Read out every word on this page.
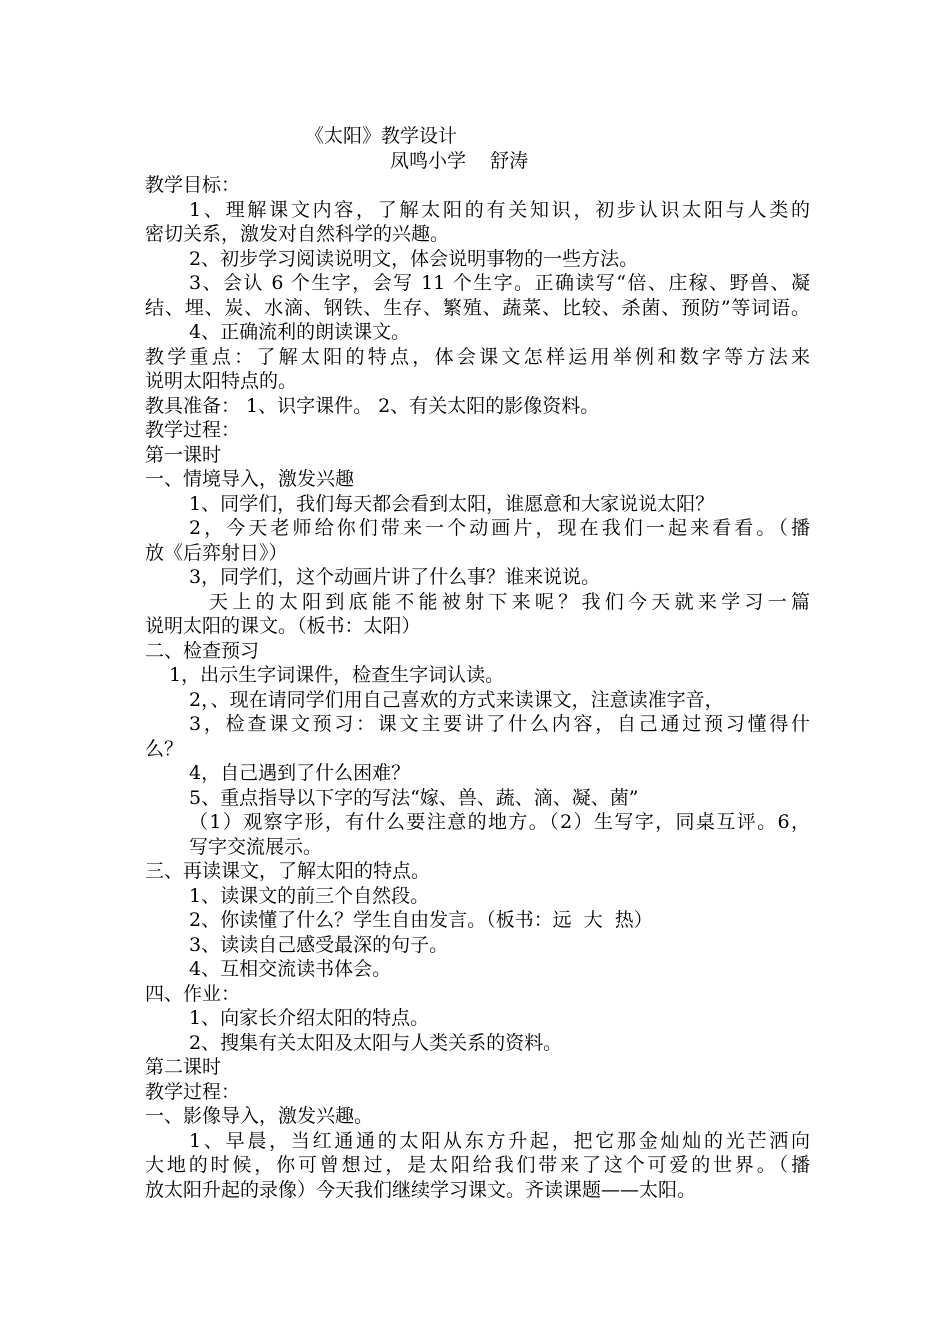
《太阳》教学设计
凤鸣小学    舒涛
教学目标：
1、理解课文内容，了解太阳的有关知识，初步认识太阳与人类的
密切关系，激发对自然科学的兴趣。
2、初步学习阅读说明文，体会说明事物的一些方法。
3、会认 6 个生字，会写 11 个生字。正确读写“倍、庄稼、野兽、凝
结、埋、炭、水滴、钢铁、生存、繁殖、蔬菜、比较、杀菌、预防”等词语。
4、正确流利的朗读课文。
教学重点：了解太阳的特点，体会课文怎样运用举例和数字等方法来
说明太阳特点的。
教具准备： 1、识字课件。 2、有关太阳的影像资料。
教学过程：
第一课时
一、情境导入，激发兴趣
1、同学们，我们每天都会看到太阳，谁愿意和大家说说太阳？
2，今天老师给你们带来一个动画片，现在我们一起来看看。（播
放《后弈射日》）
3，同学们，这个动画片讲了什么事？谁来说说。
天上的太阳到底能不能被射下来呢？我们今天就来学习一篇
说明太阳的课文。（板书：太阳）
二、检查预习
1，出示生字词课件，检查生字词认读。
2，、现在请同学们用自己喜欢的方式来读课文，注意读准字音，
3，检查课文预习：课文主要讲了什么内容，自己通过预习懂得什
么？
4，自己遇到了什么困难？
5、重点指导以下字的写法“嫁、兽、蔬、滴、凝、菌”
（1）观察字形，有什么要注意的地方。（2）生写字，同桌互评。6，
写字交流展示。
三、再读课文，了解太阳的特点。
1、读课文的前三个自然段。
2、你读懂了什么？学生自由发言。（板书：远  大  热）
3、读读自己感受最深的句子。
4、互相交流读书体会。
四、作业：
1、向家长介绍太阳的特点。
2、搜集有关太阳及太阳与人类关系的资料。
第二课时
教学过程：
一、影像导入，激发兴趣。
1、早晨，当红通通的太阳从东方升起，把它那金灿灿的光芒洒向
大地的时候，你可曾想过，是太阳给我们带来了这个可爱的世界。（播
放太阳升起的录像）今天我们继续学习课文。齐读课题——太阳。
